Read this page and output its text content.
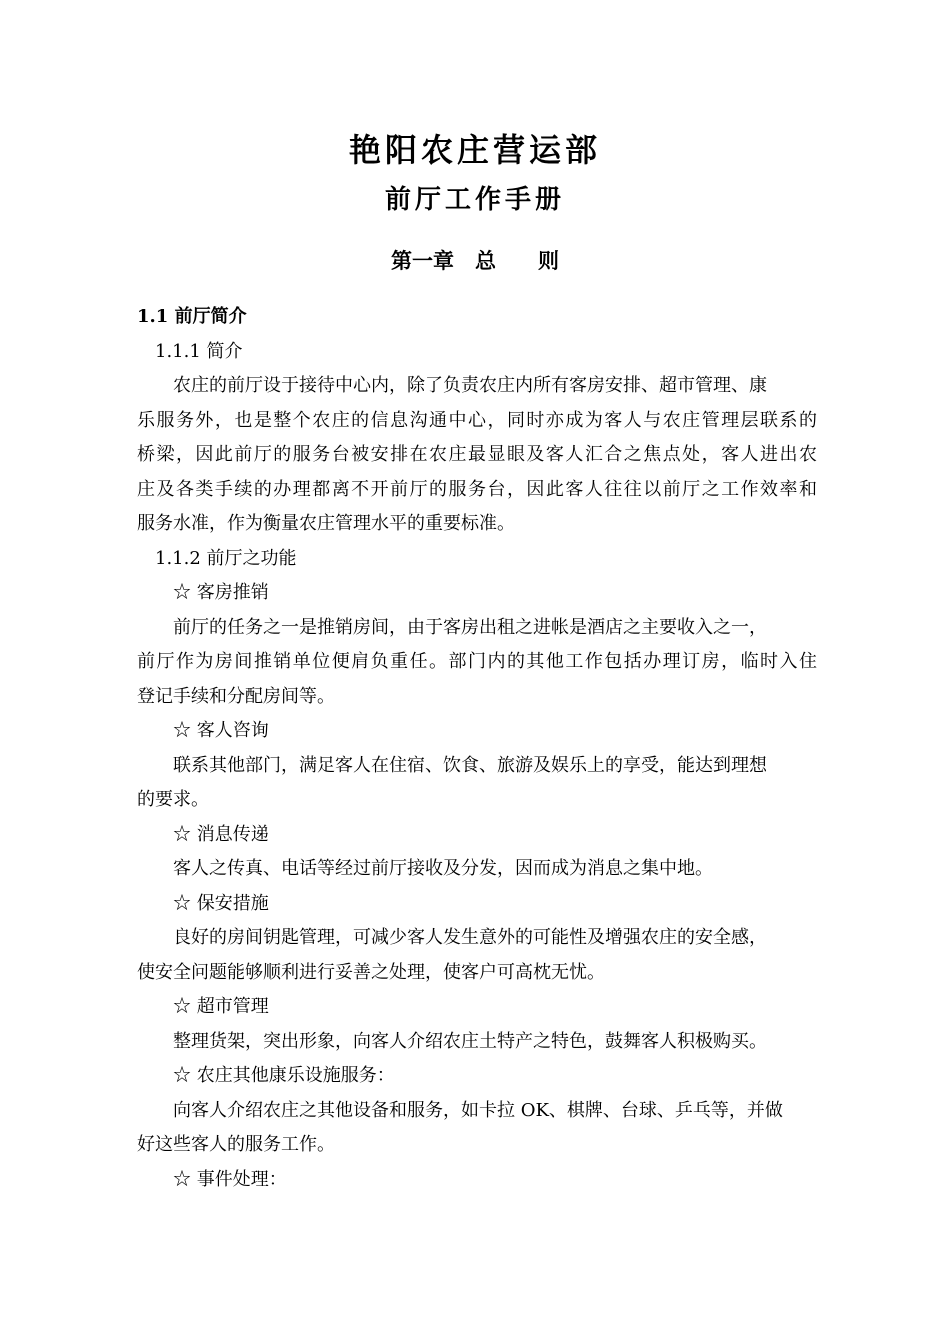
艳阳农庄营运部
前厅工作手册
第一章　总　　则
1.1 前厅简介
1.1.1 简介
农庄的前厅设于接待中心内，除了负责农庄内所有客房安排、超市管理、康
乐服务外，也是整个农庄的信息沟通中心，同时亦成为客人与农庄管理层联系的
桥梁，因此前厅的服务台被安排在农庄最显眼及客人汇合之焦点处，客人进出农
庄及各类手续的办理都离不开前厅的服务台，因此客人往往以前厅之工作效率和
服务水准，作为衡量农庄管理水平的重要标准。
1.1.2 前厅之功能
☆ 客房推销
前厅的任务之一是推销房间，由于客房出租之进帐是酒店之主要收入之一，
前厅作为房间推销单位便肩负重任。部门内的其他工作包括办理订房，临时入住
登记手续和分配房间等。
☆ 客人咨询
联系其他部门，满足客人在住宿、饮食、旅游及娱乐上的享受，能达到理想
的要求。
☆ 消息传递
客人之传真、电话等经过前厅接收及分发，因而成为消息之集中地。
☆ 保安措施
良好的房间钥匙管理，可减少客人发生意外的可能性及增强农庄的安全感，
使安全问题能够顺利进行妥善之处理，使客户可高枕无忧。
☆ 超市管理
整理货架，突出形象，向客人介绍农庄土特产之特色，鼓舞客人积极购买。
☆ 农庄其他康乐设施服务：
向客人介绍农庄之其他设备和服务，如卡拉 OK、棋牌、台球、乒乓等，并做
好这些客人的服务工作。
☆ 事件处理：
